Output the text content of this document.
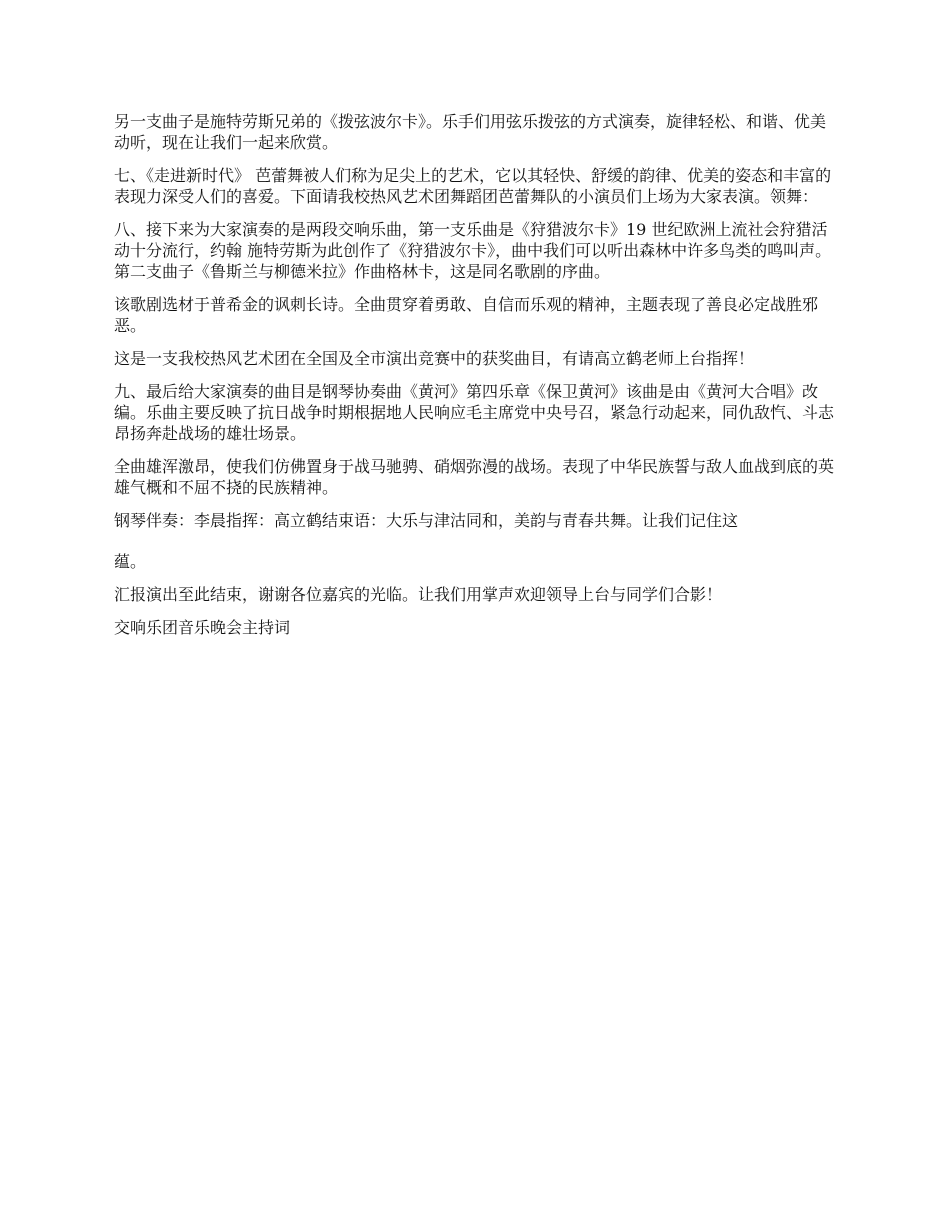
另一支曲子是施特劳斯兄弟的《拨弦波尔卡》。乐手们用弦乐拨弦的方式演奏，旋律轻松、和谐、优美动听，现在让我们一起来欣赏。

七、《走进新时代》 芭蕾舞被人们称为足尖上的艺术，它以其轻快、舒缓的韵律、优美的姿态和丰富的表现力深受人们的喜爱。下面请我校热风艺术团舞蹈团芭蕾舞队的小演员们上场为大家表演。领舞：

八、接下来为大家演奏的是两段交响乐曲，第一支乐曲是《狩猎波尔卡》19 世纪欧洲上流社会狩猎活动十分流行，约翰 施特劳斯为此创作了《狩猎波尔卡》，曲中我们可以听出森林中许多鸟类的鸣叫声。第二支曲子《鲁斯兰与柳德米拉》作曲格林卡，这是同名歌剧的序曲。

该歌剧选材于普希金的讽刺长诗。全曲贯穿着勇敢、自信而乐观的精神，主题表现了善良必定战胜邪恶。

这是一支我校热风艺术团在全国及全市演出竞赛中的获奖曲目，有请高立鹤老师上台指挥！

九、最后给大家演奏的曲目是钢琴协奏曲《黄河》第四乐章《保卫黄河》该曲是由《黄河大合唱》改编。乐曲主要反映了抗日战争时期根据地人民响应毛主席党中央号召，紧急行动起来，同仇敌忾、斗志昂扬奔赴战场的雄壮场景。

全曲雄浑激昂，使我们仿佛置身于战马驰骋、硝烟弥漫的战场。表现了中华民族誓与敌人血战到底的英雄气概和不屈不挠的民族精神。

钢琴伴奏：李晨指挥：高立鹤结束语：大乐与津沽同和，美韵与青春共舞。让我们记住这

蕴。

汇报演出至此结束，谢谢各位嘉宾的光临。让我们用掌声欢迎领导上台与同学们合影！

交响乐团音乐晚会主持词
